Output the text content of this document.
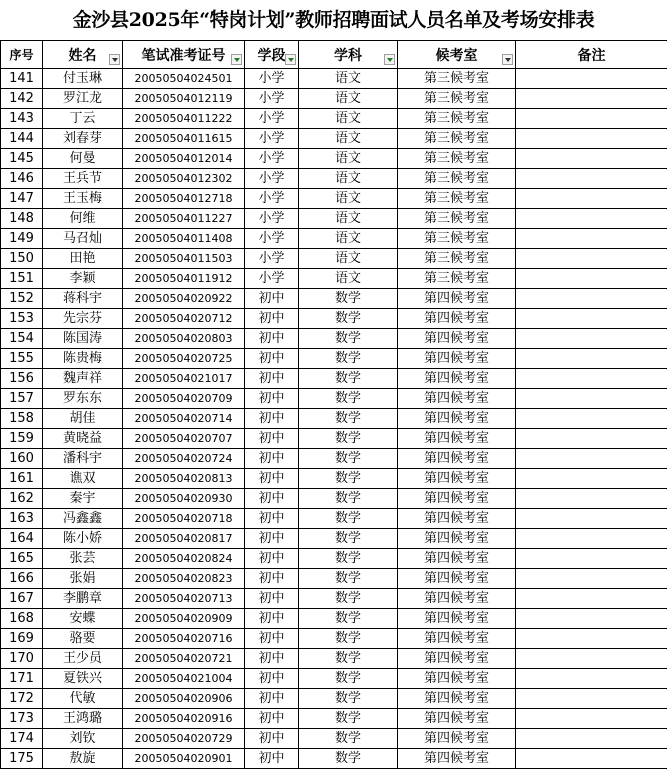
金沙县2025年“特岗计划”教师招聘面试人员名单及考场安排表
序号	姓名	笔试准考证号	学段	学科	候考室	备注
141	付玉琳	20050504024501	小学	语文	第三候考室	
142	罗江龙	20050504012119	小学	语文	第三候考室	
143	丁云	20050504011222	小学	语文	第三候考室	
144	刘春芽	20050504011615	小学	语文	第三候考室	
145	何曼	20050504012014	小学	语文	第三候考室	
146	王兵节	20050504012302	小学	语文	第三候考室	
147	王玉梅	20050504012718	小学	语文	第三候考室	
148	何维	20050504011227	小学	语文	第三候考室	
149	马召灿	20050504011408	小学	语文	第三候考室	
150	田艳	20050504011503	小学	语文	第三候考室	
151	李颖	20050504011912	小学	语文	第三候考室	
152	蒋科宇	20050504020922	初中	数学	第四候考室	
153	先宗芬	20050504020712	初中	数学	第四候考室	
154	陈国涛	20050504020803	初中	数学	第四候考室	
155	陈贵梅	20050504020725	初中	数学	第四候考室	
156	魏声祥	20050504021017	初中	数学	第四候考室	
157	罗东东	20050504020709	初中	数学	第四候考室	
158	胡佳	20050504020714	初中	数学	第四候考室	
159	黄晓益	20050504020707	初中	数学	第四候考室	
160	潘科宇	20050504020724	初中	数学	第四候考室	
161	谯双	20050504020813	初中	数学	第四候考室	
162	秦宇	20050504020930	初中	数学	第四候考室	
163	冯鑫鑫	20050504020718	初中	数学	第四候考室	
164	陈小娇	20050504020817	初中	数学	第四候考室	
165	张芸	20050504020824	初中	数学	第四候考室	
166	张娟	20050504020823	初中	数学	第四候考室	
167	李鹏章	20050504020713	初中	数学	第四候考室	
168	安蝶	20050504020909	初中	数学	第四候考室	
169	骆要	20050504020716	初中	数学	第四候考室	
170	王少员	20050504020721	初中	数学	第四候考室	
171	夏铁兴	20050504021004	初中	数学	第四候考室	
172	代敏	20050504020906	初中	数学	第四候考室	
173	王鸿璐	20050504020916	初中	数学	第四候考室	
174	刘钦	20050504020729	初中	数学	第四候考室	
175	敖旋	20050504020901	初中	数学	第四候考室	
